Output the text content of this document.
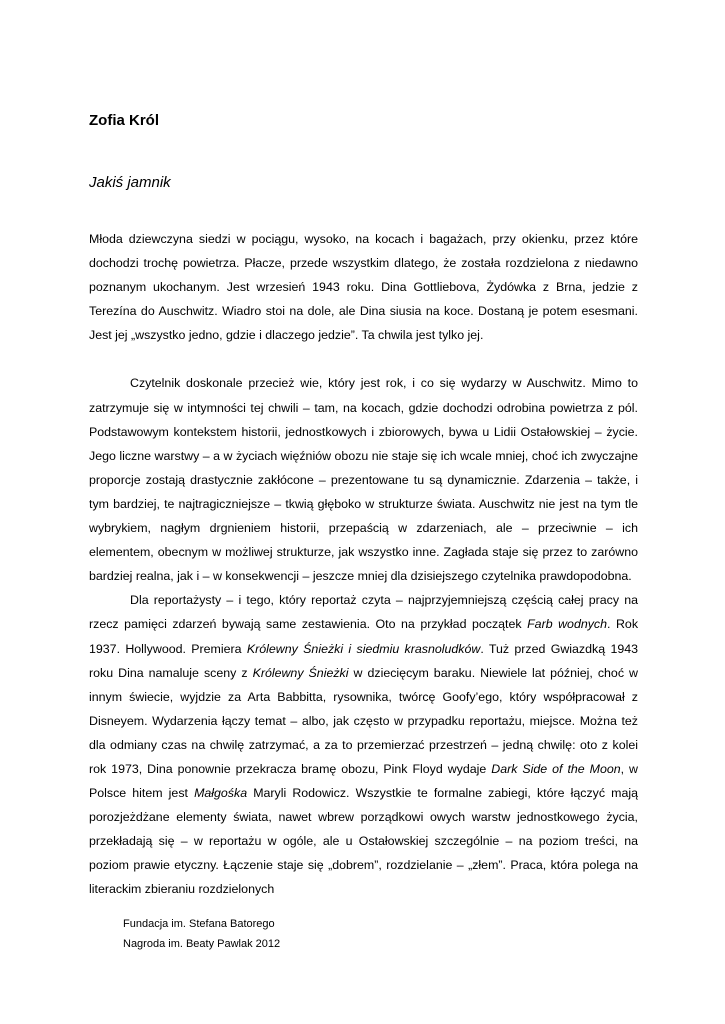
Zofia Król
Jakiś jamnik

Młoda dziewczyna siedzi w pociągu, wysoko, na kocach i bagażach, przy okienku, przez które dochodzi trochę powietrza. Płacze, przede wszystkim dlatego, że została rozdzielona z niedawno poznanym ukochanym. Jest wrzesień 1943 roku. Dina Gottliebova, Żydówka z Brna, jedzie z Terezína do Auschwitz. Wiadro stoi na dole, ale Dina siusia na koce. Dostaną je potem esesmani. Jest jej „wszystko jedno, gdzie i dlaczego jedzie”. Ta chwila jest tylko jej.

Czytelnik doskonale przecież wie, który jest rok, i co się wydarzy w Auschwitz. Mimo to zatrzymuje się w intymności tej chwili – tam, na kocach, gdzie dochodzi odrobina powietrza z pól. Podstawowym kontekstem historii, jednostkowych i zbiorowych, bywa u Lidii Ostałowskiej – życie. Jego liczne warstwy – a w życiach więźniów obozu nie staje się ich wcale mniej, choć ich zwyczajne proporcje zostają drastycznie zakłócone – prezentowane tu są dynamicznie. Zdarzenia – także, i tym bardziej, te najtragiczniejsze – tkwią głęboko w strukturze świata. Auschwitz nie jest na tym tle wybrykiem, nagłym drgnieniem historii, przepaścią w zdarzeniach, ale – przeciwnie – ich elementem, obecnym w możliwej strukturze, jak wszystko inne. Zagłada staje się przez to zarówno bardziej realna, jak i – w konsekwencji – jeszcze mniej dla dzisiejszego czytelnika prawdopodobna.

Dla reportażysty – i tego, który reportaż czyta – najprzyjemniejszą częścią całej pracy na rzecz pamięci zdarzeń bywają same zestawienia. Oto na przykład początek Farb wodnych. Rok 1937. Hollywood. Premiera Królewny Śnieżki i siedmiu krasnoludków. Tuż przed Gwiazdką 1943 roku Dina namaluje sceny z Królewny Śnieżki w dziecięcym baraku. Niewiele lat później, choć w innym świecie, wyjdzie za Arta Babbitta, rysownika, twórcę Goofy’ego, który współpracował z Disneyem. Wydarzenia łączy temat – albo, jak często w przypadku reportażu, miejsce. Można też dla odmiany czas na chwilę zatrzymać, a za to przemierzać przestrzeń – jedną chwilę: oto z kolei rok 1973, Dina ponownie przekracza bramę obozu, Pink Floyd wydaje Dark Side of the Moon, w Polsce hitem jest Małgośka Maryli Rodowicz. Wszystkie te formalne zabiegi, które łączyć mają porozjeżdżane elementy świata, nawet wbrew porządkowi owych warstw jednostkowego życia, przekładają się – w reportażu w ogóle, ale u Ostałowskiej szczególnie – na poziom treści, na poziom prawie etyczny. Łączenie staje się „dobrem”, rozdzielanie – „złem”. Praca, która polega na literackim zbieraniu rozdzielonych

Fundacja im. Stefana Batorego
Nagroda im. Beaty Pawlak 2012
